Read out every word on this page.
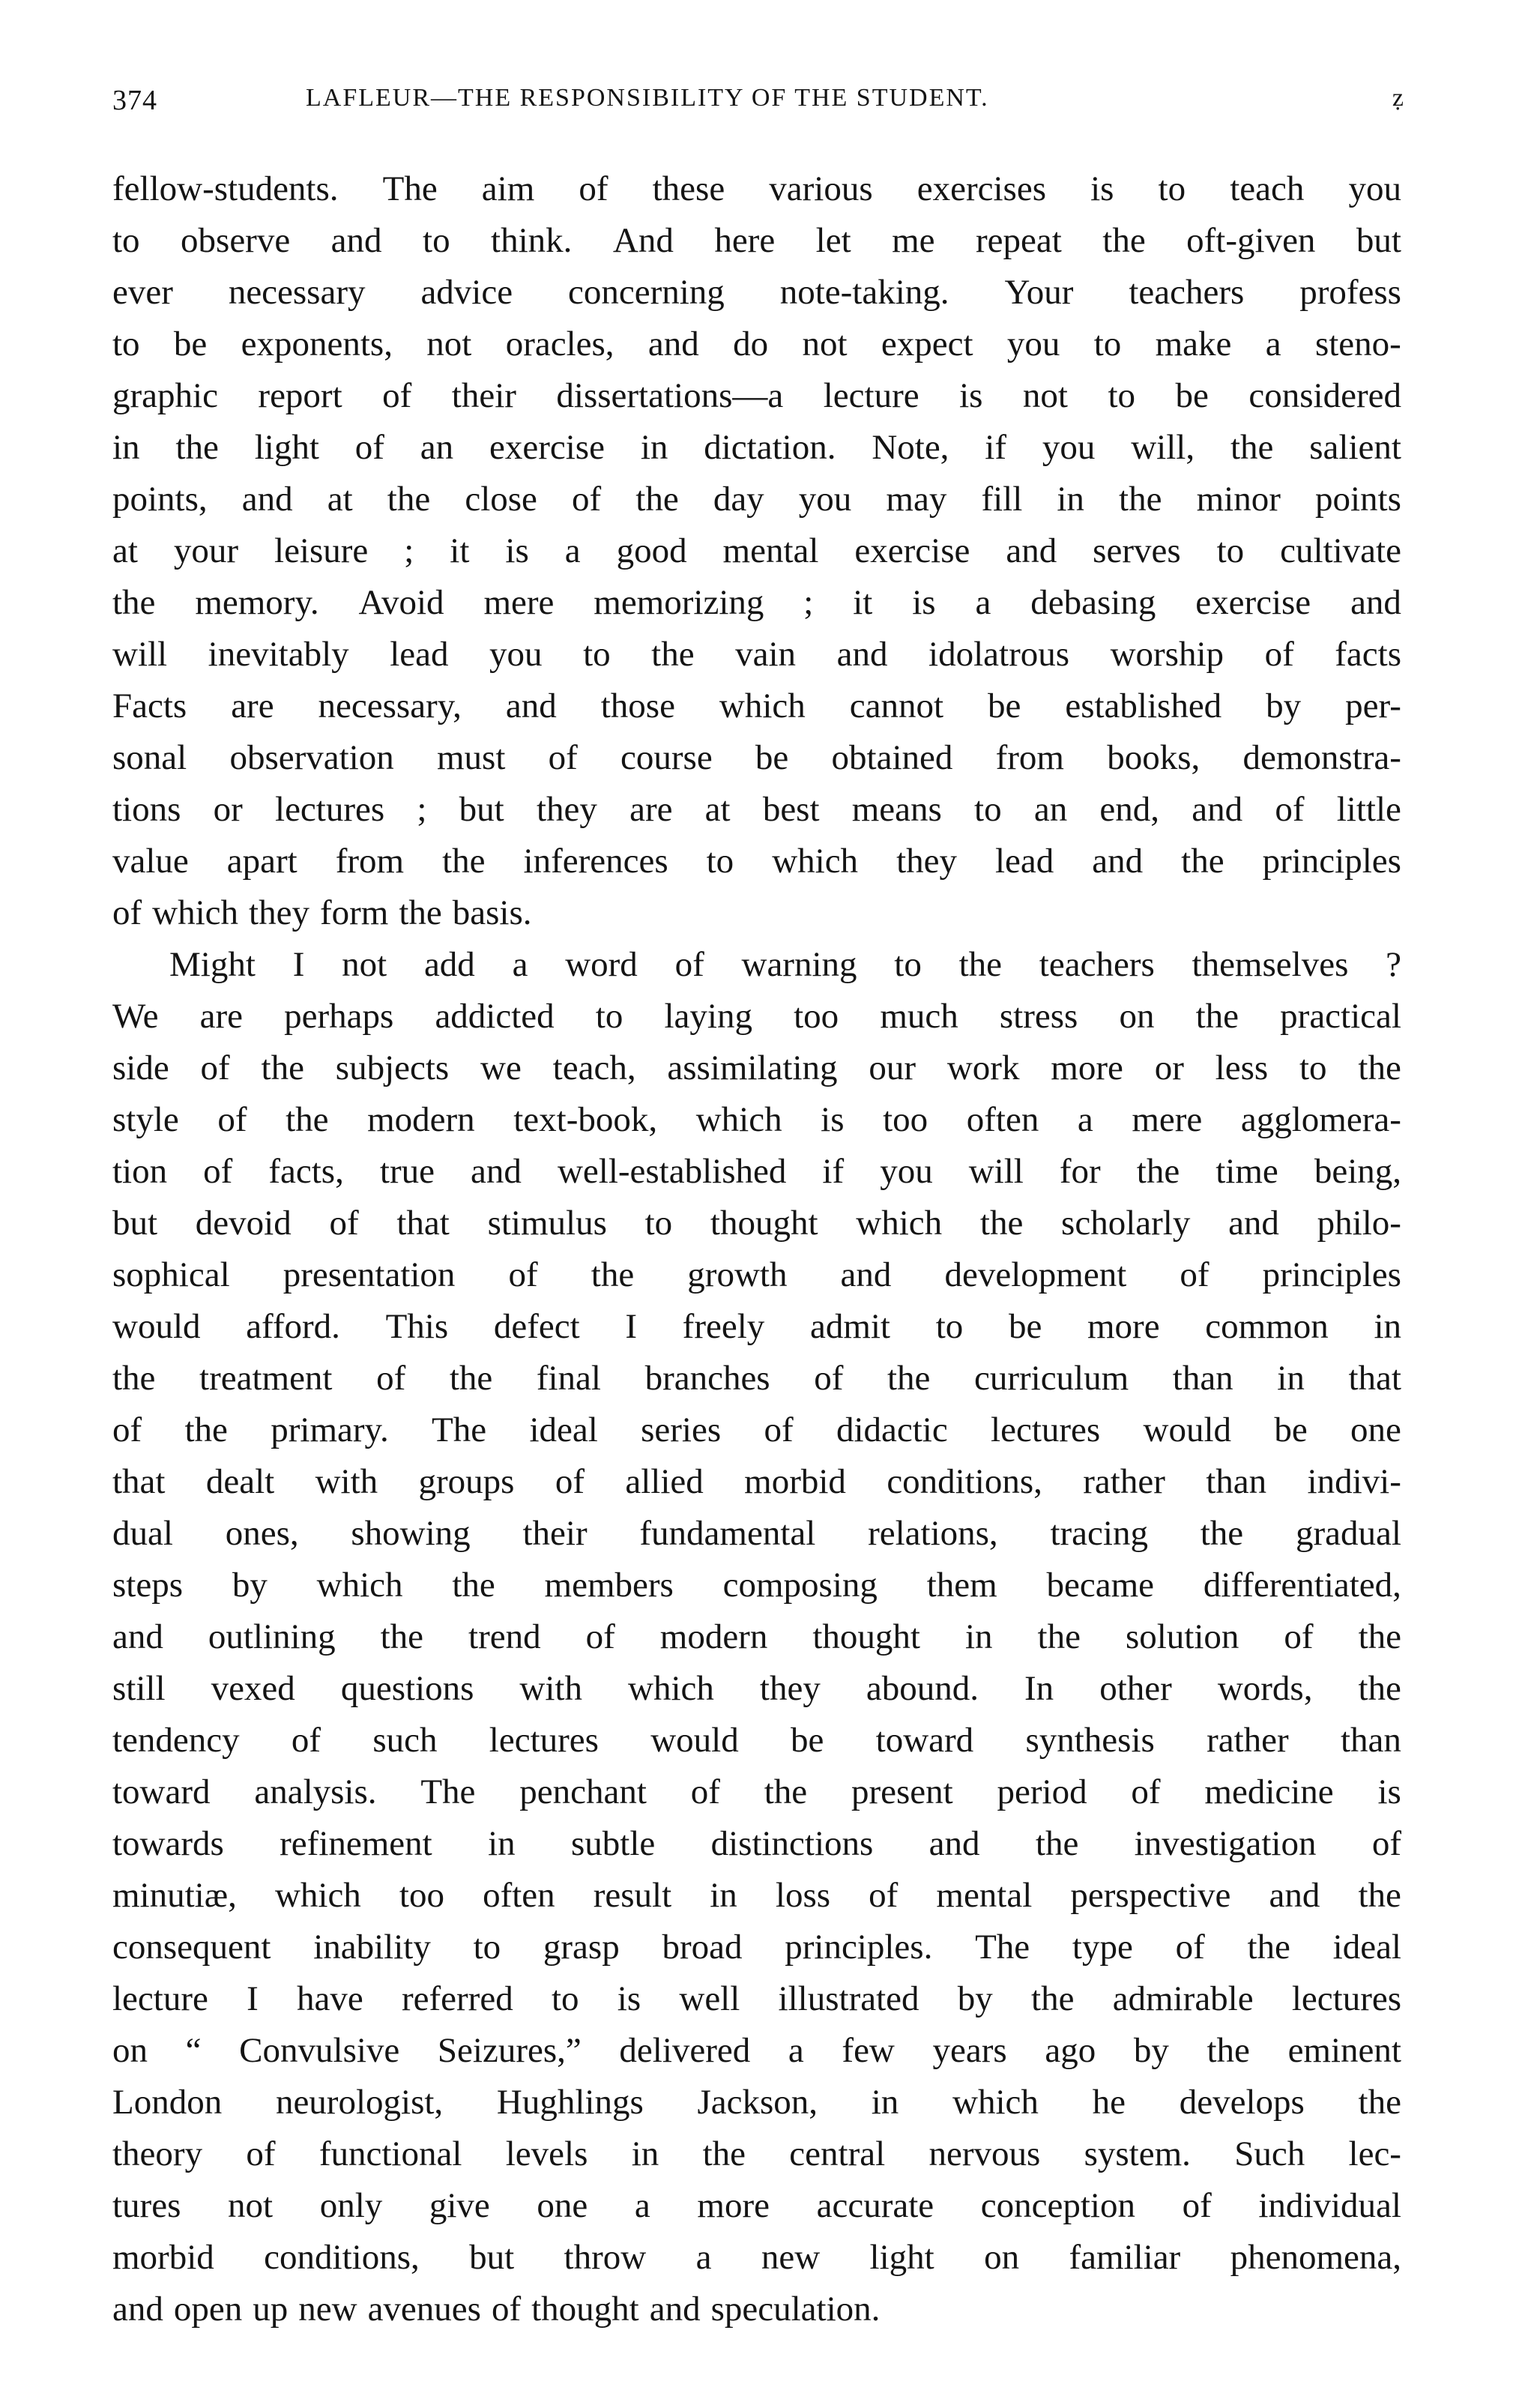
374	LAFLEUR—THE RESPONSIBILITY OF THE STUDENT.	ẓ
fellow-students. The aim of these various exercises is to teach you
to observe and to think. And here let me repeat the oft-given but
ever necessary advice concerning note-taking. Your teachers profess
to be exponents, not oracles, and do not expect you to make a steno-
graphic report of their dissertations—a lecture is not to be considered
in the light of an exercise in dictation. Note, if you will, the salient
points, and at the close of the day you may fill in the minor points
at your leisure ; it is a good mental exercise and serves to cultivate
the memory. Avoid mere memorizing ; it is a debasing exercise and
will inevitably lead you to the vain and idolatrous worship of facts
Facts are necessary, and those which cannot be established by per-
sonal observation must of course be obtained from books, demonstra-
tions or lectures ; but they are at best means to an end, and of little
value apart from the inferences to which they lead and the principles
of which they form the basis.
Might I not add a word of warning to the teachers themselves ?
We are perhaps addicted to laying too much stress on the practical
side of the subjects we teach, assimilating our work more or less to the
style of the modern text-book, which is too often a mere agglomera-
tion of facts, true and well-established if you will for the time being,
but devoid of that stimulus to thought which the scholarly and philo-
sophical presentation of the growth and development of principles
would afford. This defect I freely admit to be more common in
the treatment of the final branches of the curriculum than in that
of the primary. The ideal series of didactic lectures would be one
that dealt with groups of allied morbid conditions, rather than indivi-
dual ones, showing their fundamental relations, tracing the gradual
steps by which the members composing them became differentiated,
and outlining the trend of modern thought in the solution of the
still vexed questions with which they abound. In other words, the
tendency of such lectures would be toward synthesis rather than
toward analysis. The penchant of the present period of medicine is
towards refinement in subtle distinctions and the investigation of
minutiæ, which too often result in loss of mental perspective and the
consequent inability to grasp broad principles. The type of the ideal
lecture I have referred to is well illustrated by the admirable lectures
on “ Convulsive Seizures,” delivered a few years ago by the eminent
London neurologist, Hughlings Jackson, in which he develops the
theory of functional levels in the central nervous system. Such lec-
tures not only give one a more accurate conception of individual
morbid conditions, but throw a new light on familiar phenomena,
and open up new avenues of thought and speculation.
